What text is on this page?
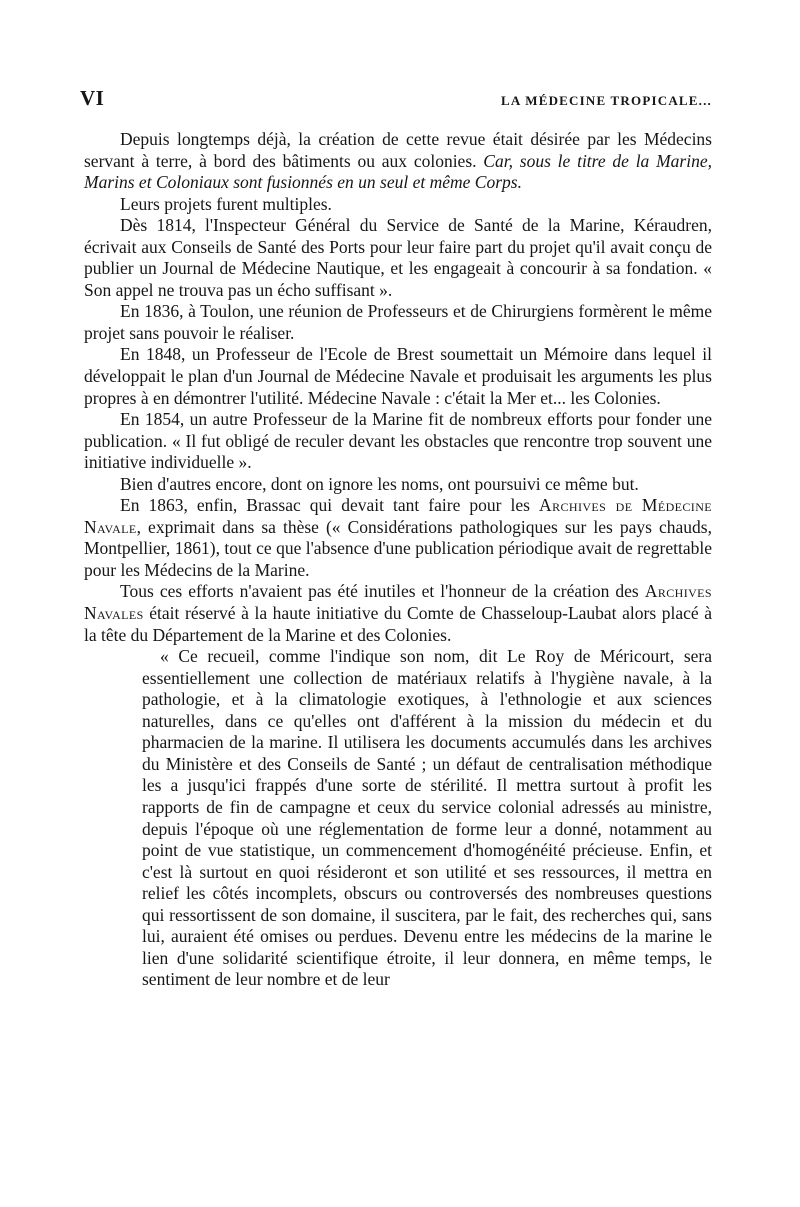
VI	LA MÉDECINE TROPICALE...

Depuis longtemps déjà, la création de cette revue était désirée par les Médecins servant à terre, à bord des bâtiments ou aux colonies. Car, sous le titre de la Marine, Marins et Coloniaux sont fusionnés en un seul et même Corps.

Leurs projets furent multiples.

Dès 1814, l'Inspecteur Général du Service de Santé de la Marine, Kéraudren, écrivait aux Conseils de Santé des Ports pour leur faire part du projet qu'il avait conçu de publier un Journal de Médecine Nautique, et les engageait à concourir à sa fondation. « Son appel ne trouva pas un écho suffisant ».

En 1836, à Toulon, une réunion de Professeurs et de Chirurgiens formèrent le même projet sans pouvoir le réaliser.

En 1848, un Professeur de l'Ecole de Brest soumettait un Mémoire dans lequel il développait le plan d'un Journal de Médecine Navale et produisait les arguments les plus propres à en démontrer l'utilité. Médecine Navale : c'était la Mer et... les Colonies.

En 1854, un autre Professeur de la Marine fit de nombreux efforts pour fonder une publication. « Il fut obligé de reculer devant les obstacles que rencontre trop souvent une initiative individuelle ».

Bien d'autres encore, dont on ignore les noms, ont poursuivi ce même but.

En 1863, enfin, Brassac qui devait tant faire pour les Archives de Médecine Navale, exprimait dans sa thèse (« Considérations pathologiques sur les pays chauds, Montpellier, 1861), tout ce que l'absence d'une publication périodique avait de regrettable pour les Médecins de la Marine.

Tous ces efforts n'avaient pas été inutiles et l'honneur de la création des Archives Navales était réservé à la haute initiative du Comte de Chasseloup-Laubat alors placé à la tête du Département de la Marine et des Colonies.

« Ce recueil, comme l'indique son nom, dit Le Roy de Méricourt, sera essentiellement une collection de matériaux relatifs à l'hygiène navale, à la pathologie, et à la climatologie exotiques, à l'ethnologie et aux sciences naturelles, dans ce qu'elles ont d'afférent à la mission du médecin et du pharmacien de la marine. Il utilisera les documents accumulés dans les archives du Ministère et des Conseils de Santé ; un défaut de centralisation méthodique les a jusqu'ici frappés d'une sorte de stérilité. Il mettra surtout à profit les rapports de fin de campagne et ceux du service colonial adressés au ministre, depuis l'époque où une réglementation de forme leur a donné, notamment au point de vue statistique, un commencement d'homogénéité précieuse. Enfin, et c'est là surtout en quoi résideront et son utilité et ses ressources, il mettra en relief les côtés incomplets, obscurs ou controversés des nombreuses questions qui ressortissent de son domaine, il suscitera, par le fait, des recherches qui, sans lui, auraient été omises ou perdues. Devenu entre les médecins de la marine le lien d'une solidarité scientifique étroite, il leur donnera, en même temps, le sentiment de leur nombre et de leur
